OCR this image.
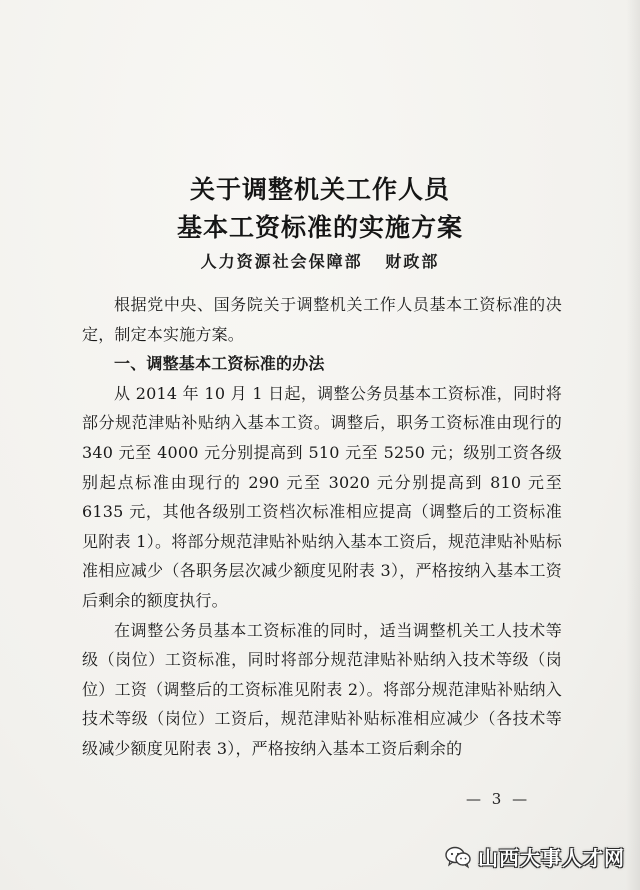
关于调整机关工作人员
基本工资标准的实施方案
人力资源社会保障部   财政部

根据党中央、国务院关于调整机关工作人员基本工资标准的决定，制定本实施方案。

一、调整基本工资标准的办法

从 2014 年 10 月 1 日起，调整公务员基本工资标准，同时将部分规范津贴补贴纳入基本工资。调整后，职务工资标准由现行的 340 元至 4000 元分别提高到 510 元至 5250 元；级别工资各级别起点标准由现行的 290 元至 3020 元分别提高到 810 元至 6135 元，其他各级别工资档次标准相应提高（调整后的工资标准见附表 1）。将部分规范津贴补贴纳入基本工资后，规范津贴补贴标准相应减少（各职务层次减少额度见附表 3），严格按纳入基本工资后剩余的额度执行。

在调整公务员基本工资标准的同时，适当调整机关工人技术等级（岗位）工资标准，同时将部分规范津贴补贴纳入技术等级（岗位）工资（调整后的工资标准见附表 2）。将部分规范津贴补贴纳入技术等级（岗位）工资后，规范津贴补贴标准相应减少（各技术等级减少额度见附表 3），严格按纳入基本工资后剩余的

— 3 —
山西大事人才网
